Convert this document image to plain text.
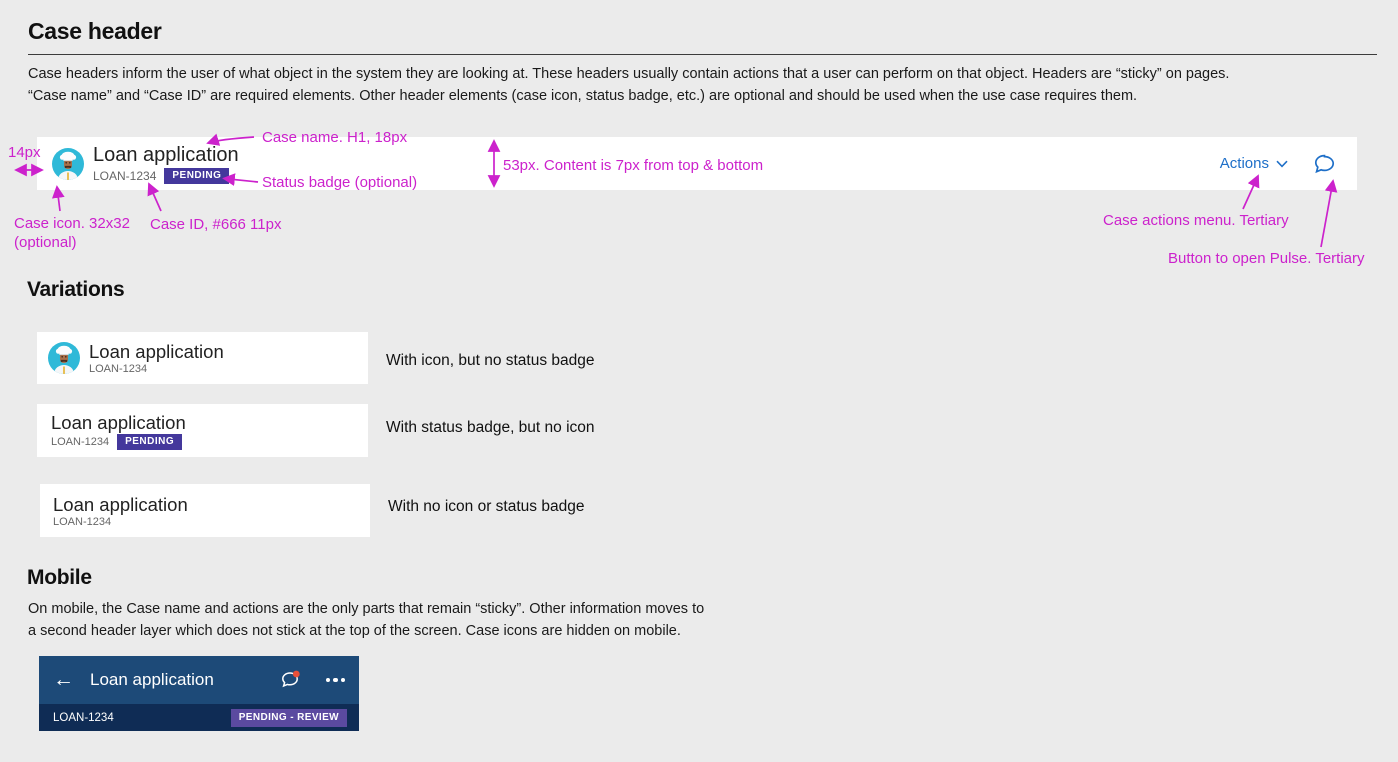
Case header
Case headers inform the user of what object in the system they are looking at. These headers usually contain actions that a user can perform on that object. Headers are “sticky” on pages.
“Case name” and “Case ID” are required elements. Other header elements (case icon, status badge, etc.) are optional and should be used when the use case requires them.
Loan application
LOAN-1234	PENDING
Actions
14px
Case name. H1, 18px
Status badge (optional)
53px. Content is 7px from top & bottom
Case icon. 32x32
(optional)
Case ID, #666 11px	Case actions menu. Tertiary
Button to open Pulse. Tertiary
Variations
Loan application
LOAN-1234	With icon, but no status badge
Loan application
LOAN-1234	PENDING
With status badge, but no icon
Loan application
LOAN-1234
With no icon or status badge
Mobile
On mobile, the Case name and actions are the only parts that remain “sticky”. Other information moves to
a second header layer which does not stick at the top of the screen. Case icons are hidden on mobile.
← Loan application
LOAN-1234	PENDING - REVIEW
